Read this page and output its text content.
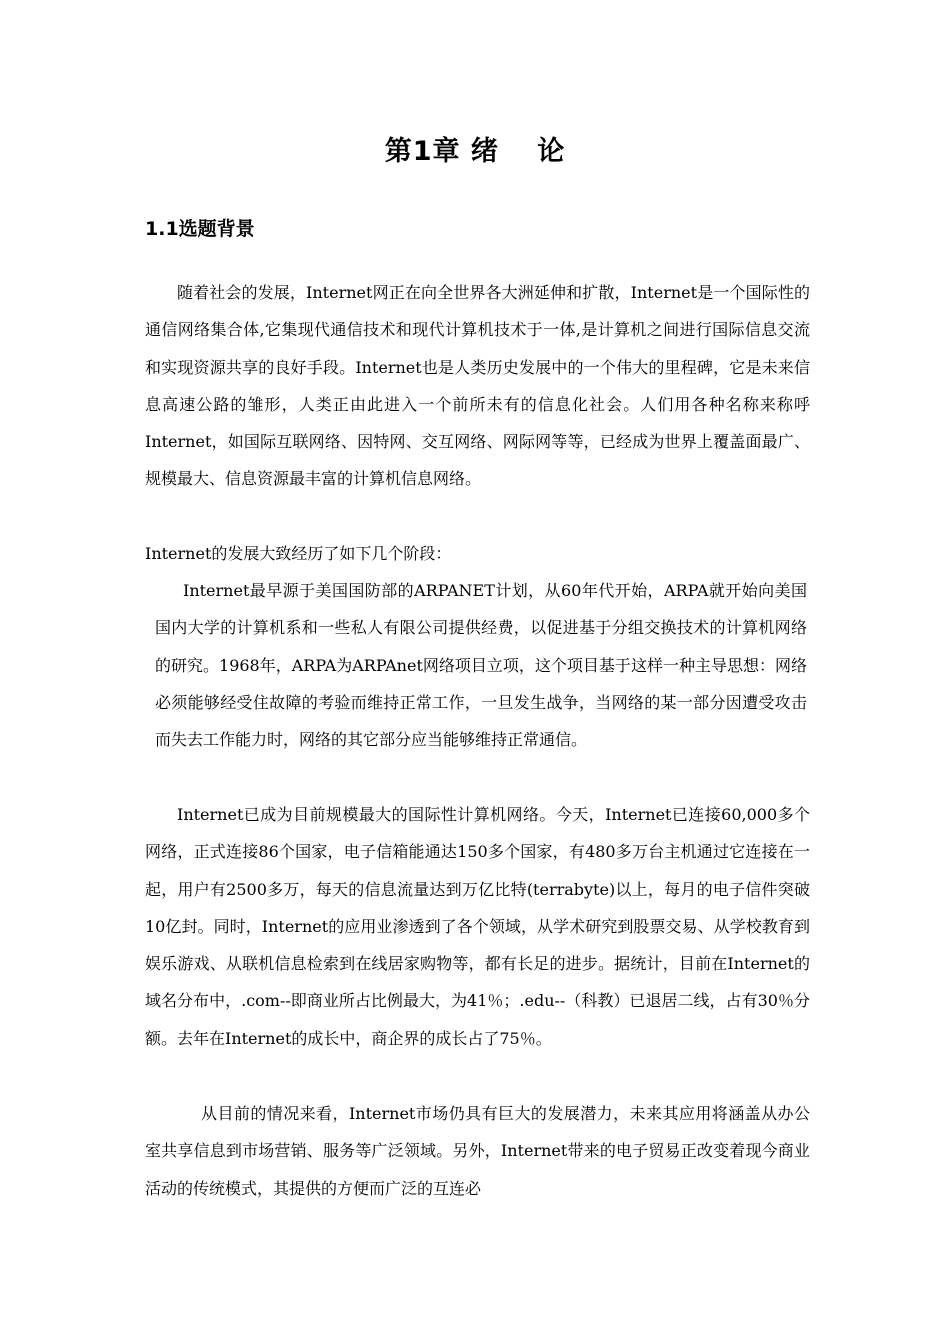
第1章 绪　 论
1.1选题背景
随着社会的发展，Internet网正在向全世界各大洲延伸和扩散，Internet是一个国际性的通信网络集合体,它集现代通信技术和现代计算机技术于一体,是计算机之间进行国际信息交流和实现资源共享的良好手段。Internet也是人类历史发展中的一个伟大的里程碑，它是未来信息高速公路的雏形，人类正由此进入一个前所未有的信息化社会。人们用各种名称来称呼Internet，如国际互联网络、因特网、交互网络、网际网等等，已经成为世界上覆盖面最广、规模最大、信息资源最丰富的计算机信息网络。
Internet的发展大致经历了如下几个阶段：
Internet最早源于美国国防部的ARPANET计划，从60年代开始，ARPA就开始向美国国内大学的计算机系和一些私人有限公司提供经费，以促进基于分组交换技术的计算机网络的研究。1968年，ARPA为ARPAnet网络项目立项，这个项目基于这样一种主导思想：网络必须能够经受住故障的考验而维持正常工作，一旦发生战争，当网络的某一部分因遭受攻击而失去工作能力时，网络的其它部分应当能够维持正常通信。
Internet已成为目前规模最大的国际性计算机网络。今天，Internet已连接60,000多个网络，正式连接86个国家，电子信箱能通达150多个国家，有480多万台主机通过它连接在一起，用户有2500多万，每天的信息流量达到万亿比特(terrabyte)以上，每月的电子信件突破10亿封。同时，Internet的应用业渗透到了各个领域，从学术研究到股票交易、从学校教育到娱乐游戏、从联机信息检索到在线居家购物等，都有长足的进步。据统计，目前在Internet的域名分布中，.com--即商业所占比例最大，为41％；.edu--（科教）已退居二线，占有30％分额。去年在Internet的成长中，商企界的成长占了75％。
从目前的情况来看，Internet市场仍具有巨大的发展潜力，未来其应用将涵盖从办公室共享信息到市场营销、服务等广泛领域。另外，Internet带来的电子贸易正改变着现今商业活动的传统模式，其提供的方便而广泛的互连必
